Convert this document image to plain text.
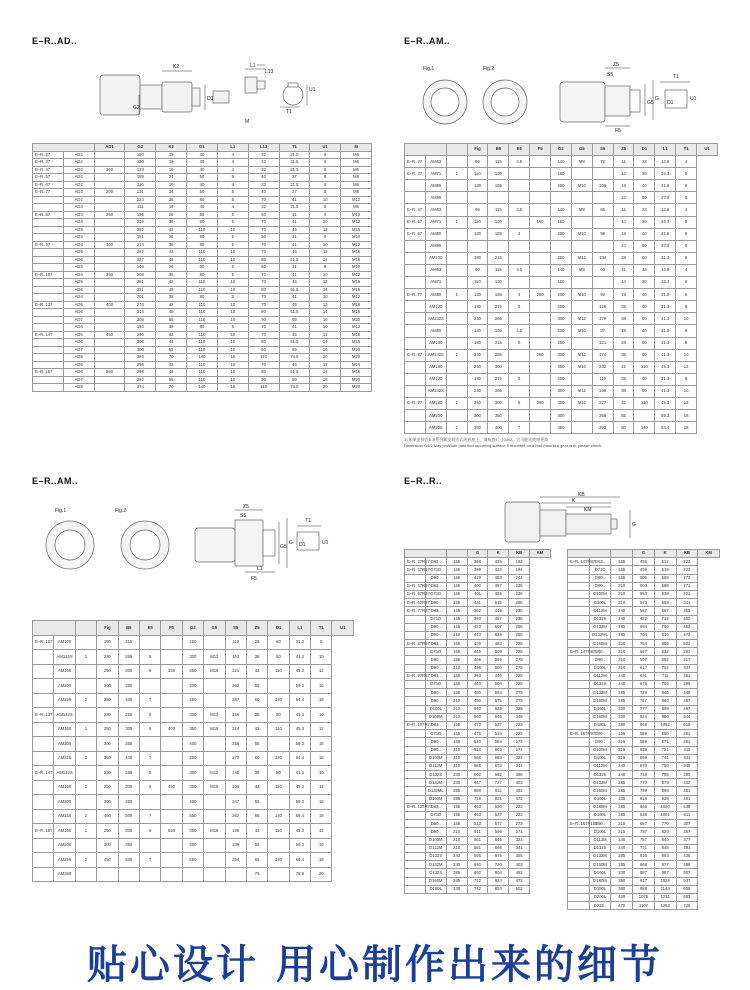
E–R..AD..	E–R..AM..
E–R..AM..	E–R..R..
K2
G2
D1
L1
L13
U1
T1
M
Fig.1	Fig.2
Z5
S5
F5
G5
G
T1
U1
D1
Fig.1	Fig.2
Z5
S5
G5
G
L1
F5
T1
U1
D1
KB
K
KM
G
		AD1	G2	K2	D1	L1	L13	T1	U1	M
E–R..27	AD2		130	19	40	4	32	21.5	6	M6
E–R..37	AD2		130	19	40	4	32	21.5	6	M6
E–R..47	AD2	160	123	19	40	4	32	21.5	6	M6
E–R..57	AD3		159	24	50	5	40	27	8	M8
E–R..67	AD2		116	19	40	4	32	21.5	6	M6
E–R..77	AD3	200	131	24	50	5	40	27	8	M8
	AD2		224	38	80	5	70	41	10	M12
	AD3		111	19	40	4	32	21.5	6	M6
E–R..87	AD3	250	156	28	60	5	50	31	8	M10
	AD4		219	38	80	5	70	41	10	M12
	AD5		292	42	110	10	70	45	12	M16
	AD3		151	28	60	5	50	31	8	M10
E–R..97	AD4	300	214	38	80	5	70	41	10	M12
	AD5		287	42	110	10	70	45	12	M16
	AD6		327	48	110	10	80	51.5	14	M16
	AD3		146	28	60	5	50	31	8	M10
E–R..107	AD4	350	208	38	80	5	70	41	10	M12
	AD5		281	42	110	10	70	45	12	M16
	AD6		321	48	110	10	80	51.5	14	M16
	AD4		201	38	80	5	70	41	10	M12
E–R..137	AD5	400	274	42	110	10	70	45	12	M16
	AD6		314	48	110	10	80	51.5	14	M16
	AD7		308	55	110	10	90	59	16	M20
	AD4		193	38	80	5	70	41	10	M12
E–R..147	AD5	450	266	42	110	10	70	45	12	M16
	AD6		306	48	110	10	80	51.5	14	M16
	AD7		300	55	110	10	90	59	16	M20
	AD8		383	70	140	15	110	74.5	20	M20
	AD5		258	42	110	10	70	45	12	M16
E–R..167	AD6	550	298	48	110	10	80	51.5	14	M16
	AD7		292	55	110	10	90	59	16	M20
	AD8		374	70	140	15	110	74.5	20	M20
			Fig	B5	E5	F5	G2	G5	S5	Z5	D1	L1	T1	U1
E–R..27	AM63		96	115	3.5		140	M8	72	11	23	12.8	4	
E–R..37	AM71	1	110	130			160			14	30	16.3	5	
	AM80		130	165			200	M10	106	19	40	21.8	6	
	AM90									24	50	27.3	8	
E–R..47	AM63		96	115	3.5		140	M8	66	11	23	12.8	4	
E–R..57	AM71	1	110	130		160	160			14	30	16.3	5	
E–R..67	AM80		130	165	4		200	M10	99	19	40	21.8	6	
	AM90									24	50	27.3	8	
	AM100		180	215			250	M12	134	28	60	31.3	8	
	AM63		96	115	3.5		140	M8	60	11	23	12.8	4	
	AM71		110	130			160			14	30	16.3	5	
E–R..77	AM80	1	130	165	4	200	200	M10	92	19	40	21.8	6	
	AM100		180	215	5		250		126	28	60	31.3	8	
	AM132S		230	265			300	M12	179	38	80	41.3	10	
	AM80		130	165	4.5		200	M10	87	19	40	21.8	6	
	AM100		180	215	5		250		121	28	60	31.3	8	
E–R..87	AM132S	1	230	265		250	300	M12	174	38	80	41.3	10	
	AM160		250	300			350	M16	232	42	110	45.3	12	
	AM100		180	215	5		250		116	28	60	31.3	8	
	AM132S		230	265			300	M12	169	38	80	41.3	10	
E–R..97	AM160	1	250	300	6	300	350	M16	227	42	110	45.3	12	
	AM200		300	350			400		268	55		59.3	16	
	AM225	2	350	400	7		450		293	60	140	64.4	18	
1) 如果安装在E-R系列和安装方式的底座上，请检查尺寸G5/2，它可能比底座更高
Dimension G5/2 May protrude past foot mounting surface if mounted on a foot-mounted gear unit, please check.
			Fig	B5	E5	F5	G2	G5	S5	Z5	D1	L1	T1	U1
E–R..107	AM100		180	215			250		110	28	60	31.3	8	
	AM132S	1	230	265	5		300	M12	163	38	80	41.3	10	
	AM160		250	300	6	350	350	M16	221	42	110	45.3	12	
	AM200		300	350			400		262	55		59.3	16	
	AM225	2	350	400	7		450		287	60	140	64.4	18	
E–R..137	AM132S		230	265	5		300	M12	156	38	80	41.3	10	
	AM160	1	250	300	6	400	350	M16	214	42	110	45.3	12	
	AM200		300	350			400		255	55		59.3	16	
	AM225	2	350	400	7		450		270	60	140	64.4	18	
E–R..147	AM132S		230	265	5		300	M12	148	38	80	41.3	10	
	AM160	1	250	300	6	450	350	M16	206	42	110	45.3	12	
	AM200		300	350			400		247	55		59.3	16	
	AM250	2	450	500	7		550		262	65	140	69.4	18	
E–R..167	AM160	1	250	300	6	550	350	M16	196	42	110	45.3	12	
	AM200		300	350			400		239	55		59.3	16	
	AM250	2	450	500	7		550		254	65	140	69.4	18	
	AM280									75		79.9	20	
			G	K	KB	KM
E–R..27R17	D63..	155	368	425	193	
E–R..37R17	D71D	155	389	433	194	
	D80..	156	419	483	244	
E–R..47R37	D63..	155	400	457	235	
E–R..57R37	D71D	155	401	465	236	
E–R..67R37	D80..	156	431	515	286	
E–R..77R37	D63..	155	392	449	235	
	D71D	155	393	457	236	
	D80..	156	423	507	286	
	D90..	210	443	528	288	
E–R..87R57	D63..	155	426	483	229	
	D71D	155	445	509	229	
	D80..	156	466	569	279	
	D90..	210	496	580	279	
E–R..97R57	D63..	155	383	440	229	
	D71D	155	440	504	229	
	D80..	156	460	564	279	
	D90..	210	490	575	279	
	D100L	210	540	625	329	
	D100M	210	560	645	349	
E–R..107R77	D63..	155	470	527	223	
	D71D	155	478	534	223	
	D80..	158	520	584	273	
	D90..	210	518	603	271	
	D100M	210	568	653	321	
	D112M	210	588	673	341	
	D132S	240	602	682	366	
	D132M	240	647	727	403	
	D132ML	285	699	811	492	
	D160M	285	719	831	472	
E–R..137R77	D63..	155	463	520	223	
	D71D	155	463	527	223	
	D80..	158	513	577	273	
	D90..	210	511	596	271	
	D100M	210	561	646	321	
	D112M	210	581	666	341	
	D132S	240	595	675	355	
	D132M	240	640	720	403	
	D132S	285	692	804	492	
	D160M	285	712	824	472	
	D160L	330	742	854	502	
			G	K	KB	KM
E–R..147R87	D63..	155	455	512	223	
	D71D	155	459	519	223	
	D80..	155	505	569	273	
	D90..	210	503	588	271	
	D100M	210	553	638	321	
	D100L	210	573	658	341	
	D112M	240	587	667	355	
	D132S	240	632	712	400	
	D132M	285	684	796	452	
	D132ML	285	704	816	472	
	D160M	330	754	866	502	
E–R..147R87	D80..	210	547	632	267	
	D90..	210	597	682	317	
	D100L	210	617	702	337	
	D112M	240	631	711	351	
	D132S	240	676	756	396	
	D132M	285	728	840	448	
	D160M	285	747	860	467	
	D160L	330	777	889	497	
	D180M	330	824	980	544	
	D180L	380	868	1052	619	
E–R..167R97	D80..	155	589	650	261	
	D90..	215	589	671	261	
	D100M	215	639	721	311	
	D100L	215	659	741	331	
	D112M	240	673	750	345	
	D132S	240	718	795	390	
	D132M	285	770	879	442	
	D160M	285	789	899	461	
	D160L	330	819	928	491	
	D180M	380	868	1020	538	
	D180L	380	938	1091	611	
E–R..167R107	D90..	215	687	770	307	
	D100L	215	737	820	357	
	D112M	240	757	840	377	
	D132S	240	771	848	391	
	D132M	285	816	893	436	
	D160M	285	868	977	488	
	D160L	330	887	997	507	
	D180M	380	917	1026	537	
	D180L	380	988	1143	605	
	D200L	420	1075	1231	693	
	D225..	470	1107	1263	725	
贴心设计 用心制作出来的细节
